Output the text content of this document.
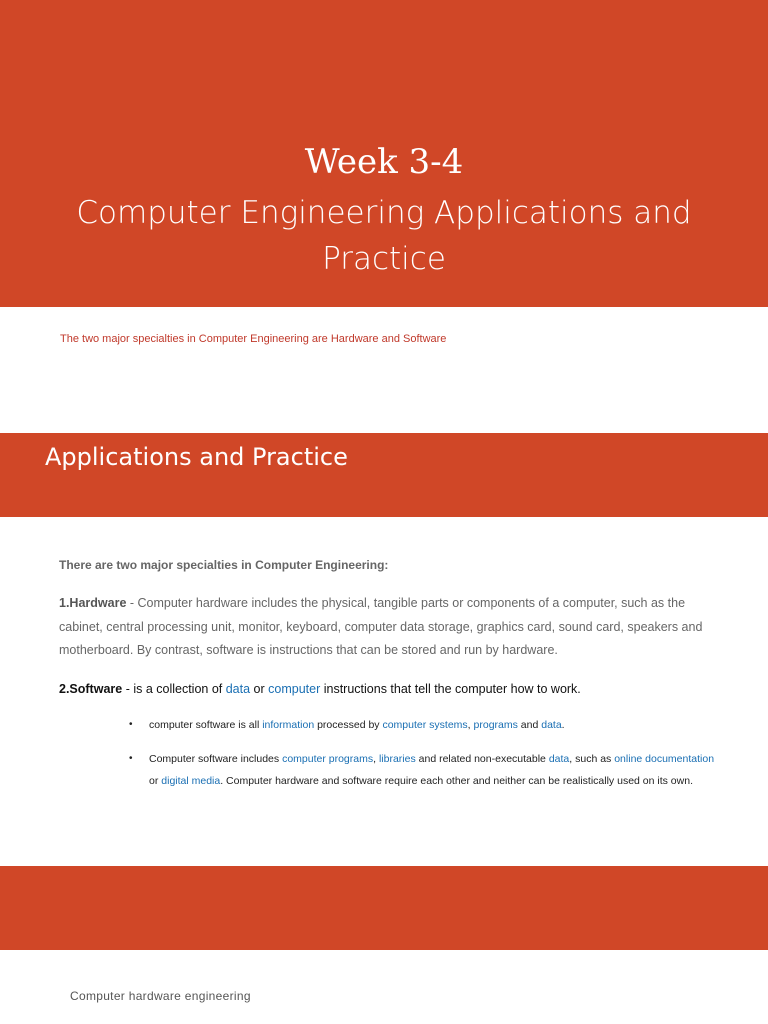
Week 3-4
Computer Engineering Applications and Practice
The two major specialties in Computer Engineering are Hardware and Software
Applications and Practice
There are two major specialties in Computer Engineering:
1.Hardware - Computer hardware includes the physical, tangible parts or components of a computer, such as the cabinet, central processing unit, monitor, keyboard, computer data storage, graphics card, sound card, speakers and motherboard. By contrast, software is instructions that can be stored and run by hardware.
2.Software - is a collection of data or computer instructions that tell the computer how to work.
• computer software is all information processed by computer systems, programs and data.
• Computer software includes computer programs, libraries and related non-executable data, such as online documentation or digital media. Computer hardware and software require each other and neither can be realistically used on its own.
Computer hardware engineering
